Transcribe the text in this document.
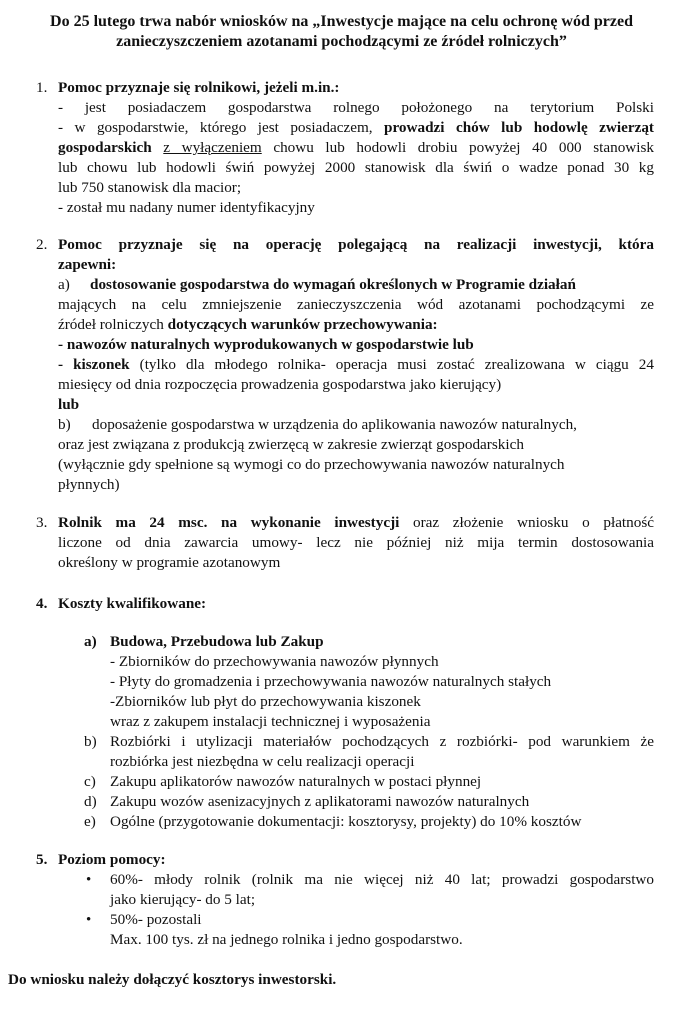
Do 25 lutego trwa nabór wniosków na „Inwestycje mające na celu ochronę wód przed
zanieczyszczeniem azotanami pochodzącymi ze źródeł rolniczych”
1. Pomoc przyznaje się rolnikowi, jeżeli m.in.:
- jest posiadaczem gospodarstwa rolnego położonego na terytorium Polski
- w gospodarstwie, którego jest posiadaczem, prowadzi chów lub hodowlę zwierząt
gospodarskich z wyłączeniem chowu lub hodowli drobiu powyżej 40 000 stanowisk
lub chowu lub hodowli świń powyżej 2000 stanowisk dla świń o wadze ponad 30 kg
lub 750 stanowisk dla macior;
- został mu nadany numer identyfikacyjny
2. Pomoc przyznaje się na operację polegającą na realizacji inwestycji, która
zapewni:
a) dostosowanie gospodarstwa do wymagań określonych w Programie działań
mających na celu zmniejszenie zanieczyszczenia wód azotanami pochodzącymi ze
źródeł rolniczych dotyczących warunków przechowywania:
- nawozów naturalnych wyprodukowanych w gospodarstwie lub
- kiszonek (tylko dla młodego rolnika- operacja musi zostać zrealizowana w ciągu 24
miesięcy od dnia rozpoczęcia prowadzenia gospodarstwa jako kierujący)
lub
b) doposażenie gospodarstwa w urządzenia do aplikowania nawozów naturalnych,
oraz jest związana z produkcją zwierzęcą w zakresie zwierząt gospodarskich
(wyłącznie gdy spełnione są wymogi co do przechowywania nawozów naturalnych
płynnych)
3. Rolnik ma 24 msc. na wykonanie inwestycji oraz złożenie wniosku o płatność
liczone od dnia zawarcia umowy- lecz nie później niż mija termin dostosowania
określony w programie azotanowym
4. Koszty kwalifikowane:
a) Budowa, Przebudowa lub Zakup
- Zbiorników do przechowywania nawozów płynnych
- Płyty do gromadzenia i przechowywania nawozów naturalnych stałych
-Zbiorników lub płyt do przechowywania kiszonek
wraz z zakupem instalacji technicznej i wyposażenia
b) Rozbiórki i utylizacji materiałów pochodzących z rozbiórki- pod warunkiem że
rozbiórka jest niezbędna w celu realizacji operacji
c) Zakupu aplikatorów nawozów naturalnych w postaci płynnej
d) Zakupu wozów asenizacyjnych z aplikatorami nawozów naturalnych
e) Ogólne (przygotowanie dokumentacji: kosztorysy, projekty) do 10% kosztów
5. Poziom pomocy:
• 60%- młody rolnik (rolnik ma nie więcej niż 40 lat; prowadzi gospodarstwo
jako kierujący- do 5 lat;
• 50%- pozostali
Max. 100 tys. zł na jednego rolnika i jedno gospodarstwo.
Do wniosku należy dołączyć kosztorys inwestorski.
